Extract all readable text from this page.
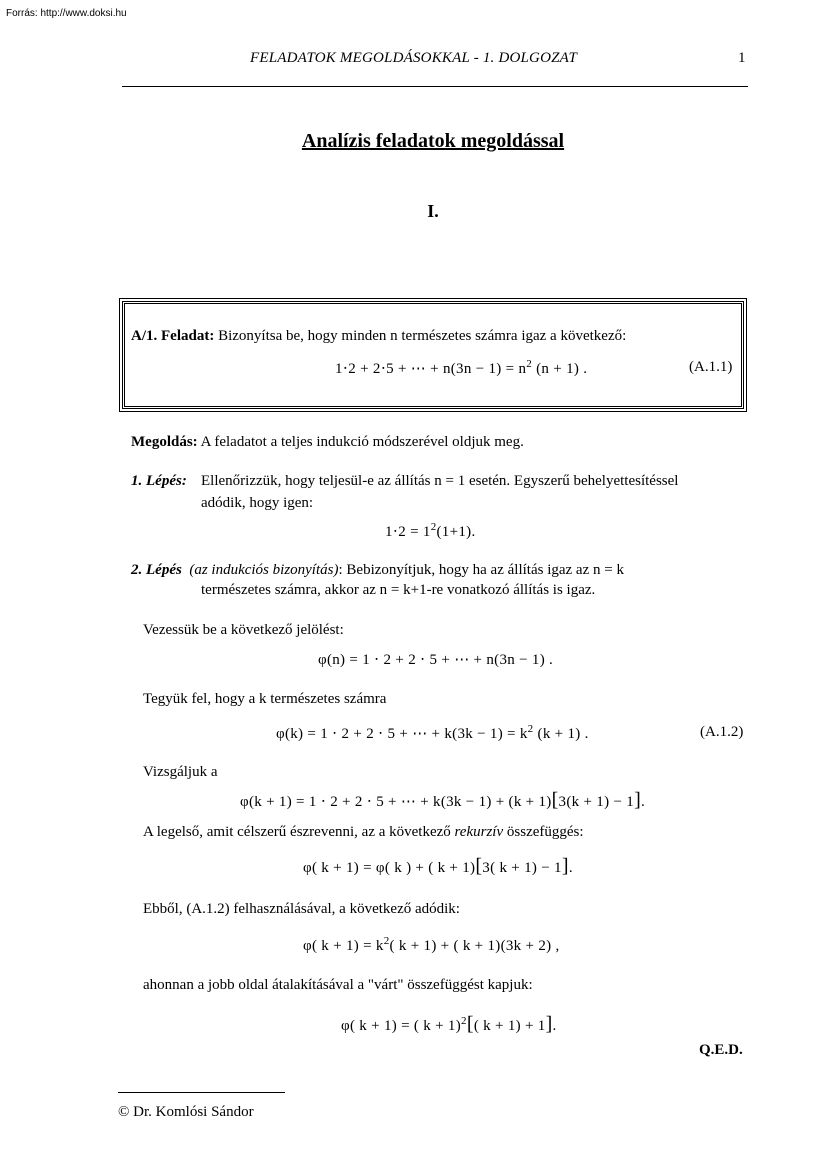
Forrás: http://www.doksi.hu
FELADATOK MEGOLDÁSOKKAL - 1. DOLGOZAT	1
Analízis feladatok megoldással
I.
A/1. Feladat: Bizonyítsa be, hogy minden n természetes számra igaz a következő:
1⋅2 + 2⋅5 + ⋯ + $n(3n - 1) = n^2$ (n + 1) .	(A.1.1)
Megoldás: A feladatot a teljes indukció módszerével oldjuk meg.
1. Lépés: Ellenőrizzük, hogy teljesül-e az állítás n = 1 esetén. Egyszerű behelyettesítéssel
adódik, hogy igen:
$1\cdot 2 = 1^2(1+1)$.
2. Lépés (az indukciós bizonyítás): Bebizonyítjuk, hogy ha az állítás igaz az n = k
természetes számra, akkor az n = k+1-re vonatkozó állítás is igaz.
Vezessük be a következő jelölést:
φ(n) = 1 ⋅ 2 + 2 ⋅ 5 + ⋯ + n(3n − 1) .
Tegyük fel, hogy a k természetes számra
φ(k) = 1 ⋅ 2 + 2 ⋅ 5 + ⋯ + $k(3k - 1) = k^2$ (k + 1) .	(A.1.2)
Vizsgáljuk a
φ(k + 1) = 1 ⋅ 2 + 2 ⋅ 5 + ⋯ + k(3k − 1) + (k + 1)[3(k + 1) − 1].
A legelső, amit célszerű észrevenni, az a következő rekurzív összefüggés:
φ( k + 1) = φ( k ) + ( k + 1)[3( k + 1) − 1].
Ebből, (A.1.2) felhasználásával, a következő adódik:
φ( $k + 1) = k^2$( k + 1) + ( k + 1)(3k + 2) ,
ahonnan a jobb oldal átalakításával a "várt" összefüggést kapjuk:
φ( k + 1) = ( k + 1)$^2$[( k + 1) + 1].
Q.E.D.
© Dr. Komlósi Sándor
